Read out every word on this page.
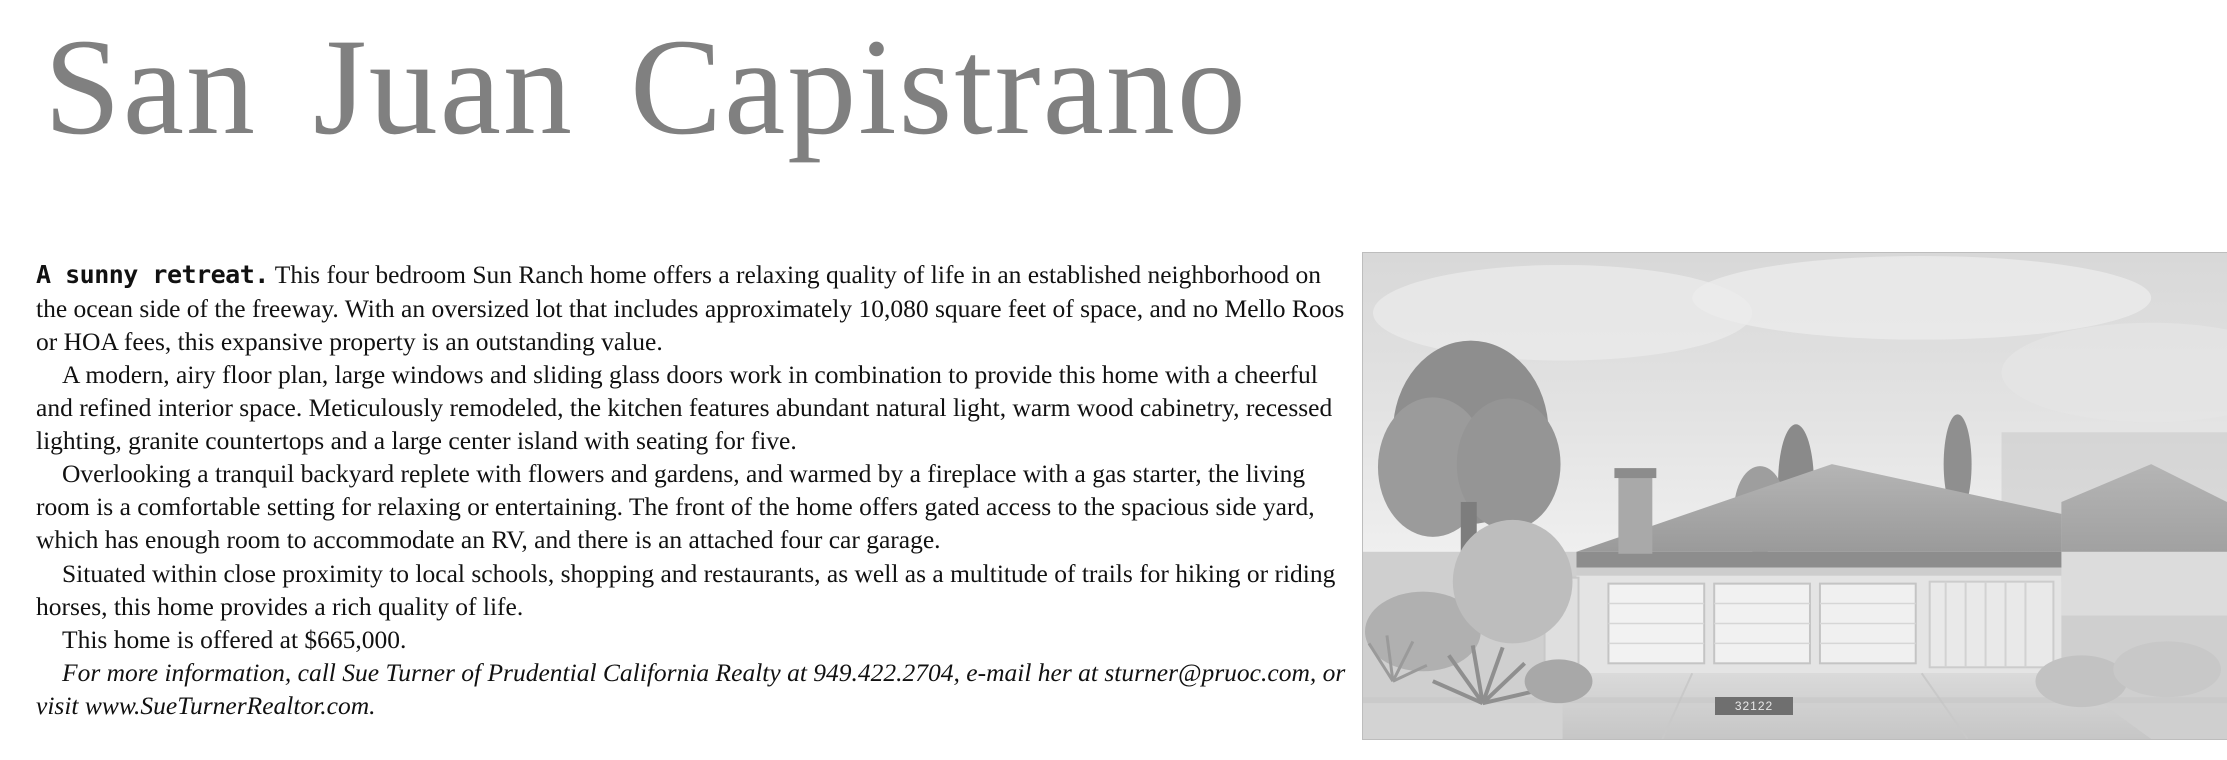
San Juan Capistrano

A sunny retreat. This four bedroom Sun Ranch home offers a relaxing quality of life in an established neighborhood on the ocean side of the freeway. With an oversized lot that includes approximately 10,080 square feet of space, and no Mello Roos or HOA fees, this expansive property is an outstanding value.

A modern, airy floor plan, large windows and sliding glass doors work in combination to provide this home with a cheerful and refined interior space. Meticulously remodeled, the kitchen features abundant natural light, warm wood cabinetry, recessed lighting, granite countertops and a large center island with seating for five.

Overlooking a tranquil backyard replete with flowers and gardens, and warmed by a fireplace with a gas starter, the living room is a comfortable setting for relaxing or entertaining. The front of the home offers gated access to the spacious side yard, which has enough room to accommodate an RV, and there is an attached four car garage.

Situated within close proximity to local schools, shopping and restaurants, as well as a multitude of trails for hiking or riding horses, this home provides a rich quality of life.

This home is offered at $665,000.

For more information, call Sue Turner of Prudential California Realty at 949.422.2704, e-mail her at sturner@pruoc.com, or visit www.SueTurnerRealtor.com.	32122
